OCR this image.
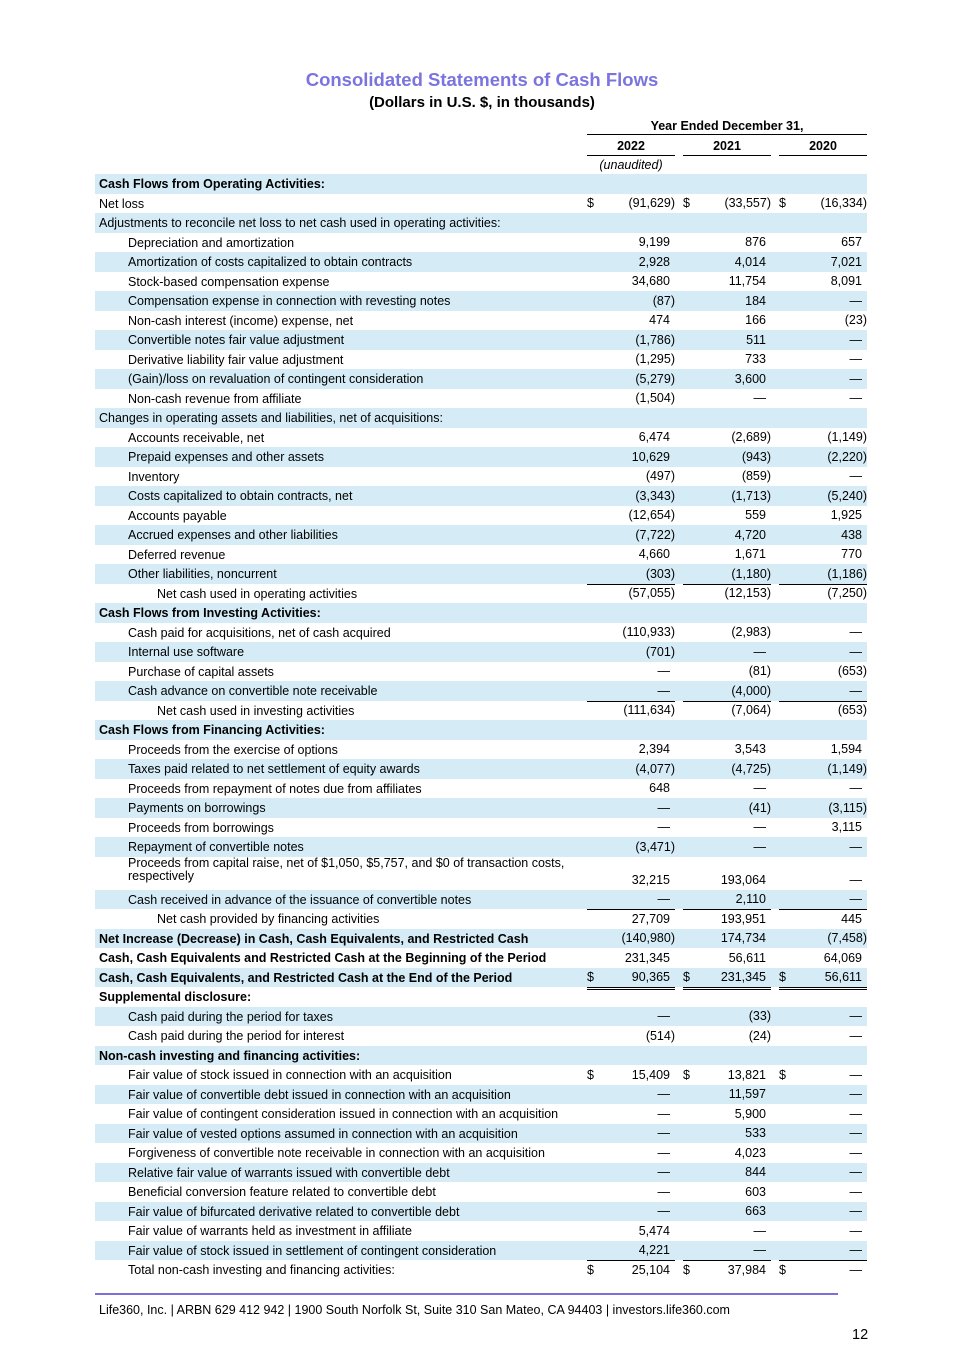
Consolidated Statements of Cash Flows
(Dollars in U.S. $, in thousands)
Year Ended December 31,
2022	2021	2020
(unaudited)
Cash Flows from Operating Activities:
Net loss	$	(91,629) $	(33,557) $	(16,334)
Adjustments to reconcile net loss to net cash used in operating activities:
Depreciation and amortization	9,199	876	657
Amortization of costs capitalized to obtain contracts	2,928	4,014	7,021
Stock-based compensation expense	34,680	11,754	8,091
Compensation expense in connection with revesting notes	(87)	184	—
Non-cash interest (income) expense, net	474	166	(23)
Convertible notes fair value adjustment	(1,786)	511	—
Derivative liability fair value adjustment	(1,295)	733	—
(Gain)/loss on revaluation of contingent consideration	(5,279)	3,600	—
Non-cash revenue from affiliate	(1,504)	—	—
Changes in operating assets and liabilities, net of acquisitions:
Accounts receivable, net	6,474	(2,689)	(1,149)
Prepaid expenses and other assets	10,629	(943)	(2,220)
Inventory	(497)	(859)	—
Costs capitalized to obtain contracts, net	(3,343)	(1,713)	(5,240)
Accounts payable	(12,654)	559	1,925
Accrued expenses and other liabilities	(7,722)	4,720	438
Deferred revenue	4,660	1,671	770
Other liabilities, noncurrent	(303)	(1,180)	(1,186)
Net cash used in operating activities	(57,055)	(12,153)	(7,250)
Cash Flows from Investing Activities:
Cash paid for acquisitions, net of cash acquired	(110,933)	(2,983)	—
Internal use software	(701)	—	—
Purchase of capital assets	—	(81)	(653)
Cash advance on convertible note receivable	—	(4,000)	—
Net cash used in investing activities	(111,634)	(7,064)	(653)
Cash Flows from Financing Activities:
Proceeds from the exercise of options	2,394	3,543	1,594
Taxes paid related to net settlement of equity awards	(4,077)	(4,725)	(1,149)
Proceeds from repayment of notes due from affiliates	648	—	—
Payments on borrowings	—	(41)	(3,115)
Proceeds from borrowings	—	—	3,115
Repayment of convertible notes	(3,471)	—	—
Proceeds from capital raise, net of $1,050, $5,757, and $0 of transaction costs, respectively	32,215	193,064	—
Cash received in advance of the issuance of convertible notes	—	2,110	—
Net cash provided by financing activities	27,709	193,951	445
Net Increase (Decrease) in Cash, Cash Equivalents, and Restricted Cash	(140,980)	174,734	(7,458)
Cash, Cash Equivalents and Restricted Cash at the Beginning of the Period	231,345	56,611	64,069
Cash, Cash Equivalents, and Restricted Cash at the End of the Period	$	90,365 $ 231,345 $	56,611
Supplemental disclosure:
Cash paid during the period for taxes	—	(33)	—
Cash paid during the period for interest	(514)	(24)	—
Non-cash investing and financing activities:
Fair value of stock issued in connection with an acquisition	$	15,409 $	13,821 $	—
Fair value of convertible debt issued in connection with an acquisition	—	11,597	—
Fair value of contingent consideration issued in connection with an acquisition	—	5,900	—
Fair value of vested options assumed in connection with an acquisition	—	533	—
Forgiveness of convertible note receivable in connection with an acquisition	—	4,023	—
Relative fair value of warrants issued with convertible debt	—	844	—
Beneficial conversion feature related to convertible debt	—	603	—
Fair value of bifurcated derivative related to convertible debt	—	663	—
Fair value of warrants held as investment in affiliate	5,474	—	—
Fair value of stock issued in settlement of contingent consideration	4,221	—	—
Total non-cash investing and financing activities:	$	25,104 $	37,984 $	—
Life360, Inc. | ARBN 629 412 942 | 1900 South Norfolk St, Suite 310 San Mateo, CA 94403 | investors.life360.com
12
